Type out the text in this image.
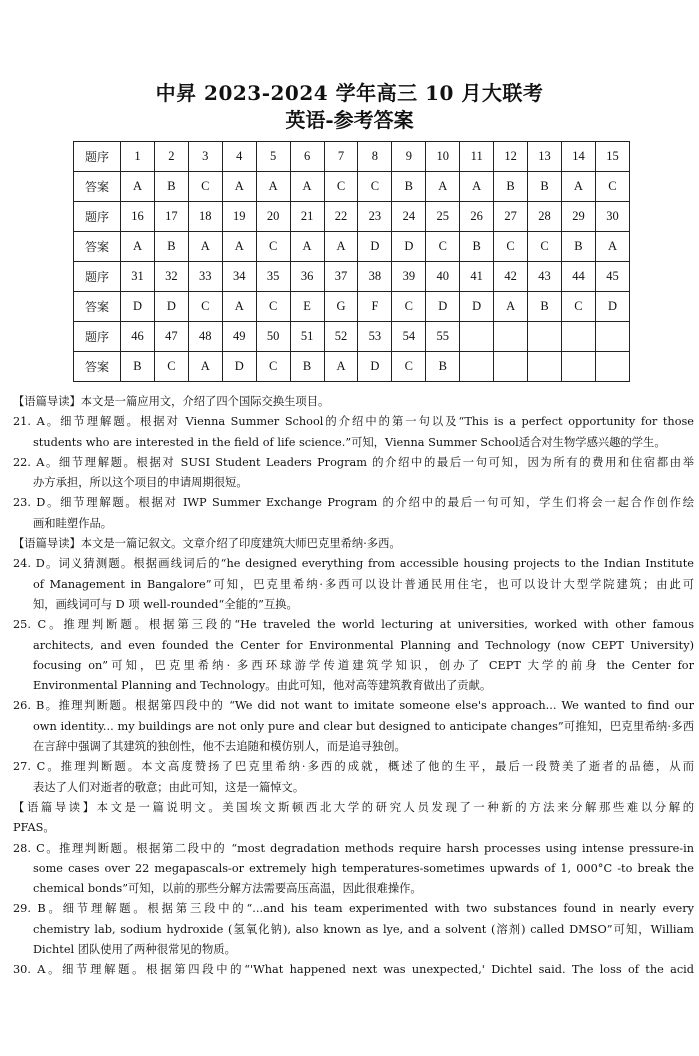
中昇 2023-2024 学年高三 10 月大联考
英语-参考答案
题序	1	2	3	4	5	6	7	8	9	10	11	12	13	14	15
答案	A	B	C	A	A	A	C	C	B	A	A	B	B	A	C
题序	16	17	18	19	20	21	22	23	24	25	26	27	28	29	30
答案	A	B	A	A	C	A	A	D	D	C	B	C	C	B	A
题序	31	32	33	34	35	36	37	38	39	40	41	42	43	44	45
答案	D	D	C	A	C	E	G	F	C	D	D	A	B	C	D
题序	46	47	48	49	50	51	52	53	54	55					
答案	B	C	A	D	C	B	A	D	C	B					
【语篇导读】本文是一篇应用文，介绍了四个国际交换生项目。
21. A。细节理解题。根据对 Vienna Summer School的介绍中的第一句以及“This is a perfect opportunity for those
students who are interested in the field of life science.”可知，Vienna Summer School适合对生物学感兴趣的学生。
22. A。细节理解题。根据对 SUSI Student Leaders Program 的介绍中的最后一句可知，因为所有的费用和住宿都由举
办方承担，所以这个项目的申请周期很短。
23. D。细节理解题。根据对 IWP Summer Exchange Program 的介绍中的最后一句可知，学生们将会一起合作创作绘
画和眭塑作品。
【语篇导读】本文是一篇记叙文。文章介绍了印度建筑大师巴克里希纳·多西。
24. D。词义猜测题。根据画线词后的“he designed everything from accessible housing projects to the Indian Institute
of Management in Bangalore”可知，巴克里希纳·多西可以设计普通民用住宅，也可以设计大型学院建筑；由此可
知，画线词可与 D 项 well-rounded“全能的”互换。
25. C。推理判断题。根据第三段的“He traveled the world lecturing at universities, worked with other famous
architects, and even founded the Center for Environmental Planning and Technology (now CEPT University)
focusing on”可知，巴克里希纳· 多西环球游学传道建筑学知识，创办了 CEPT 大学的前身 the Center for
Environmental Planning and Technology。由此可知，他对高等建筑教育做出了贡献。
26. B。推理判断题。根据第四段中的 “We did not want to imitate someone else's approach... We wanted to find our
own identity... my buildings are not only pure and clear but designed to anticipate changes”可推知，巴克里希纳·多西
在言辞中强调了其建筑的独创性，他不去追随和模仿别人，而是追寻独创。
27. C。推理判断题。本文高度赞扬了巴克里希纳·多西的成就，概述了他的生平，最后一段赞美了逝者的品德，从而
表达了人们对逝者的敬意；由此可知，这是一篇悼文。
【语篇导读】本文是一篇说明文。美国埃文斯顿西北大学的研究人员发现了一种新的方法来分解那些难以分解的
PFAS。
28. C。推理判断题。根据第二段中的 “most degradation methods require harsh processes using intense pressure-in
some cases over 22 megapascals-or extremely high temperatures-sometimes upwards of 1, 000°C -to break the
chemical bonds”可知，以前的那些分解方法需要高压高温，因此很难操作。
29. B。细节理解题。根据第三段中的“...and his team experimented with two substances found in nearly every
chemistry lab, sodium hydroxide (氢氧化钠), also known as lye, and a solvent (溶剂) called DMSO”可知，William
Dichtel 团队使用了两种很常见的物质。
30. A。细节理解题。根据第四段中的“'What happened next was unexpected,' Dichtel said. The loss of the acid
